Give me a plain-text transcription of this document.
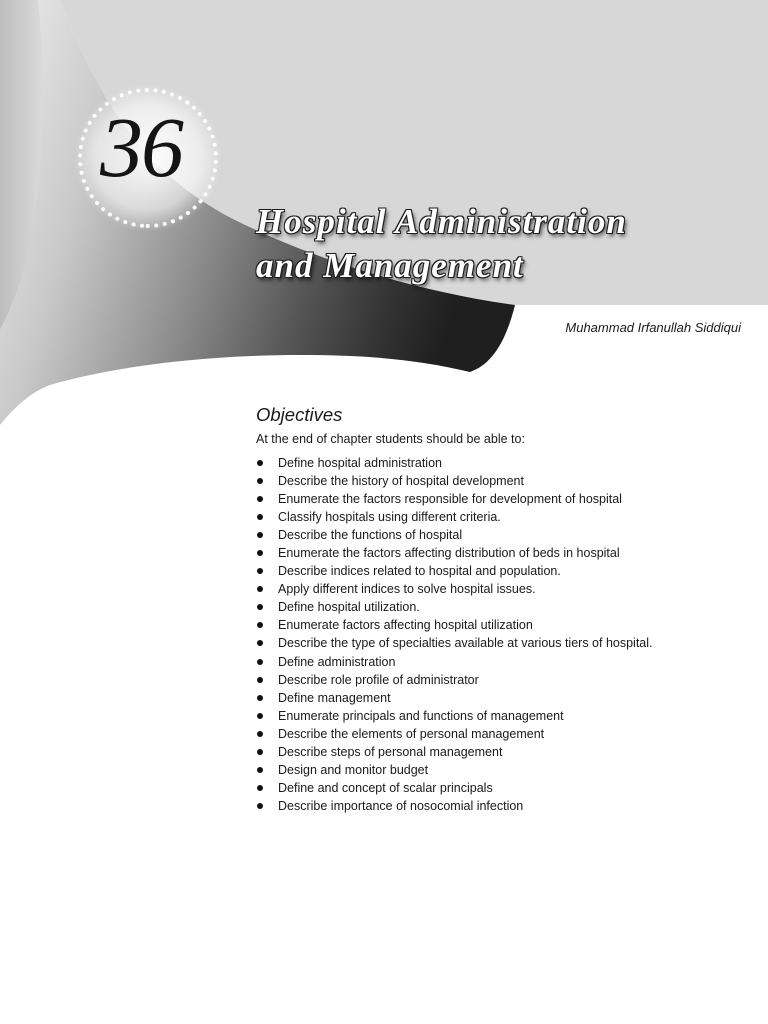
36
Hospital Administration
and Management
Muhammad Irfanullah Siddiqui
Objectives

At the end of chapter students should be able to:

Define hospital administration
Describe the history of hospital development
Enumerate the factors responsible for development of hospital
Classify hospitals using different criteria.
Describe the functions of hospital
Enumerate the factors affecting distribution of beds in hospital
Describe indices related to hospital and population.
Apply different indices to solve hospital issues.
Define hospital utilization.
Enumerate factors affecting hospital utilization
Describe the type of specialties available at various tiers of hospital.
Define administration
Describe role profile of administrator
Define management
Enumerate principals and functions of management
Describe the elements of personal management
Describe steps of personal management
Design and monitor budget
Define and concept of scalar principals
Describe importance of nosocomial infection
